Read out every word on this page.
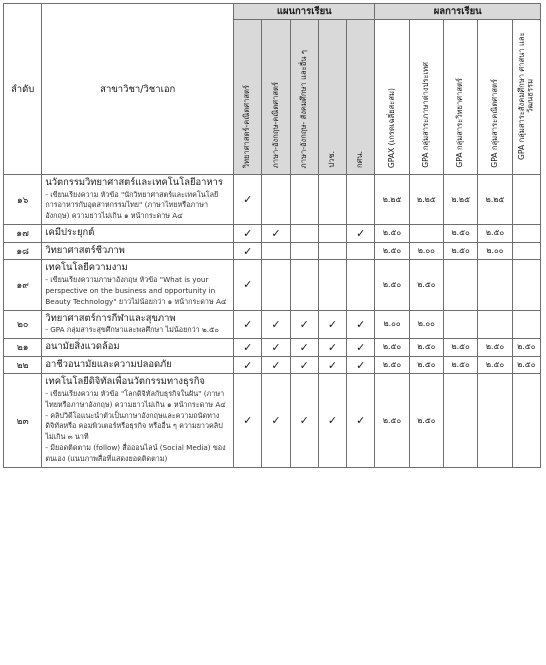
ลำดับ	สาขาวิชา/วิชาเอก	แผนการเรียน					ผลการเรียน				
		วิทยาศาสตร์-คณิตศาสตร์	ภาษา-อังกฤษ-คณิตศาสตร์	ภาษา-อังกฤษ- สังคมศึกษา และอื่น ๆ	ปวช.	กศน.	GPAX (เกรดเฉลี่ยสะสม)	GPA กลุ่มสาระภาษาต่างประเทศ	GPA กลุ่มสาระวิทยาศาสตร์	GPA กลุ่มสาระคณิตศาสตร์	GPA กลุ่มสาระสังคมศึกษา ศาสนา และวัฒนธรรม
๑๖	นวัตกรรมวิทยาศาสตร์และเทคโนโลยีอาหาร
- เขียนเรียงความ หัวข้อ "นักวิทยาศาสตร์และเทคโนโลยีการอาหารกับอุตสาหกรรมไทย" (ภาษาไทยหรือภาษาอังกฤษ) ความยาวไม่เกิน ๑ หน้ากระดาษ A๔	✓					๒.๒๕	๒.๒๕	๒.๒๕	๒.๒๕	
๑๗	เคมีประยุกต์	✓	✓			✓	๒.๕๐		๒.๕๐	๒.๕๐	
๑๘	วิทยาศาสตร์ชีวภาพ	✓					๒.๕๐	๒.๐๐	๒.๕๐	๒.๐๐	
๑๙	เทคโนโลยีความงาม
- เขียนเรียงความภาษาอังกฤษ หัวข้อ "What is your perspective on the business and opportunity in Beauty Technology" ยาวไม่น้อยกว่า ๑ หน้ากระดาษ A๔	✓					๒.๕๐	๒.๕๐			
๒๐	วิทยาศาสตร์การกีฬาและสุขภาพ
- GPA กลุ่มสาระสุขศึกษาและพลศึกษา ไม่น้อยกว่า ๒.๕๐	✓	✓	✓	✓	✓	๒.๐๐	๒.๐๐			
๒๑	อนามัยสิ่งแวดล้อม	✓	✓	✓	✓	✓	๒.๕๐	๒.๕๐	๒.๕๐	๒.๕๐	๒.๕๐
๒๒	อาชีวอนามัยและความปลอดภัย	✓	✓	✓	✓	✓	๒.๕๐	๒.๕๐	๒.๕๐	๒.๕๐	๒.๕๐
๒๓	เทคโนโลยีดิจิทัลเพื่อนวัตกรรมทางธุรกิจ
- เขียนเรียงความ หัวข้อ "โลกดิจิทัลกับธุรกิจในฝัน" (ภาษาไทยหรือภาษาอังกฤษ) ความยาวไม่เกิน ๑ หน้ากระดาษ A๔
- คลิปวิดีโอแนะนำตัวเป็นภาษาอังกฤษและความถนัดทางดิจิทัลหรือ คอมพิวเตอร์หรือธุรกิจ หรืออื่น ๆ ความยาวคลิปไม่เกิน ๓ นาที
- มียอดติดตาม (follow) สื่อออนไลน์ (Social Media) ของตนเอง (แนบภาพสื่อที่แสดงยอดติดตาม)	✓	✓	✓	✓	✓	๒.๕๐	๒.๕๐			
